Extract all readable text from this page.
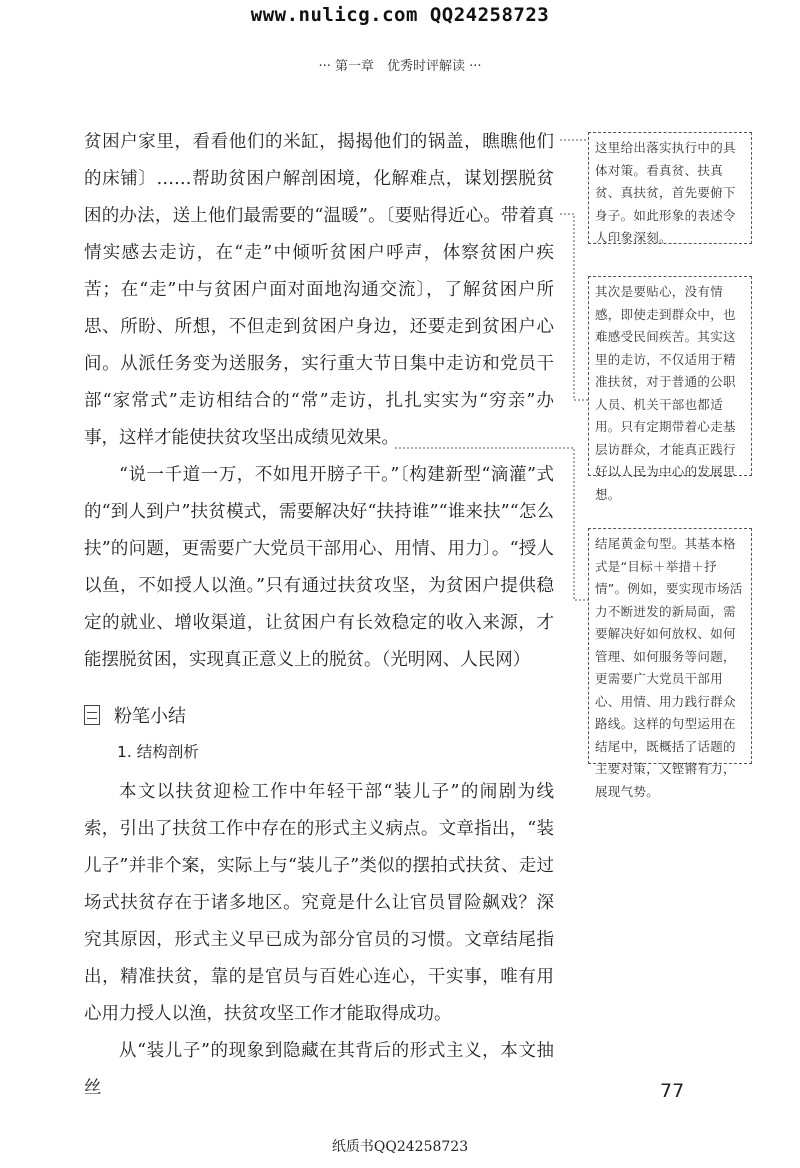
www.nulicg.com QQ24258723
··· 第一章　优秀时评解读 ···

贫困户家里，看看他们的米缸，揭揭他们的锅盖，瞧瞧他们的床铺〕……帮助贫困户解剖困境，化解难点，谋划摆脱贫困的办法，送上他们最需要的“温暖”。〔要贴得近心。带着真情实感去走访，在“走”中倾听贫困户呼声，体察贫困户疾苦；在“走”中与贫困户面对面地沟通交流〕，了解贫困户所思、所盼、所想，不但走到贫困户身边，还要走到贫困户心间。从派任务变为送服务，实行重大节日集中走访和党员干部“家常式”走访相结合的“常”走访，扎扎实实为“穷亲”办事，这样才能使扶贫攻坚出成绩见效果。

“说一千道一万，不如甩开膀子干。”〔构建新型“滴灌”式的“到人到户”扶贫模式，需要解决好“扶持谁”“谁来扶”“怎么扶”的问题，更需要广大党员干部用心、用情、用力〕。“授人以鱼，不如授人以渔。”只有通过扶贫攻坚，为贫困户提供稳定的就业、增收渠道，让贫困户有长效稳定的收入来源，才能摆脱贫困，实现真正意义上的脱贫。（光明网、人民网）

粉笔小结
1. 结构剖析

本文以扶贫迎检工作中年轻干部“装儿子”的闹剧为线索，引出了扶贫工作中存在的形式主义病点。文章指出，“装儿子”并非个案，实际上与“装儿子”类似的摆拍式扶贫、走过场式扶贫存在于诸多地区。究竟是什么让官员冒险飙戏？深究其原因，形式主义早已成为部分官员的习惯。文章结尾指出，精准扶贫，靠的是官员与百姓心连心，干实事，唯有用心用力授人以渔，扶贫攻坚工作才能取得成功。

从“装儿子”的现象到隐藏在其背后的形式主义，本文抽丝

这里给出落实执行中的具体对策。看真贫、扶真贫、真扶贫，首先要俯下身子。如此形象的表述令人印象深刻。
其次是要贴心，没有情感，即使走到群众中，也难感受民间疾苦。其实这里的走访，不仅适用于精准扶贫，对于普通的公职人员、机关干部也都适用。只有定期带着心走基层访群众，才能真正践行好以人民为中心的发展思想。
结尾黄金句型。其基本格式是“目标＋举措＋抒情”。例如，要实现市场活力不断迸发的新局面，需要解决好如何放权、如何管理、如何服务等问题，更需要广大党员干部用心、用情、用力践行群众路线。这样的句型运用在结尾中，既概括了话题的主要对策，又铿锵有力，展现气势。
77
纸质书QQ24258723
